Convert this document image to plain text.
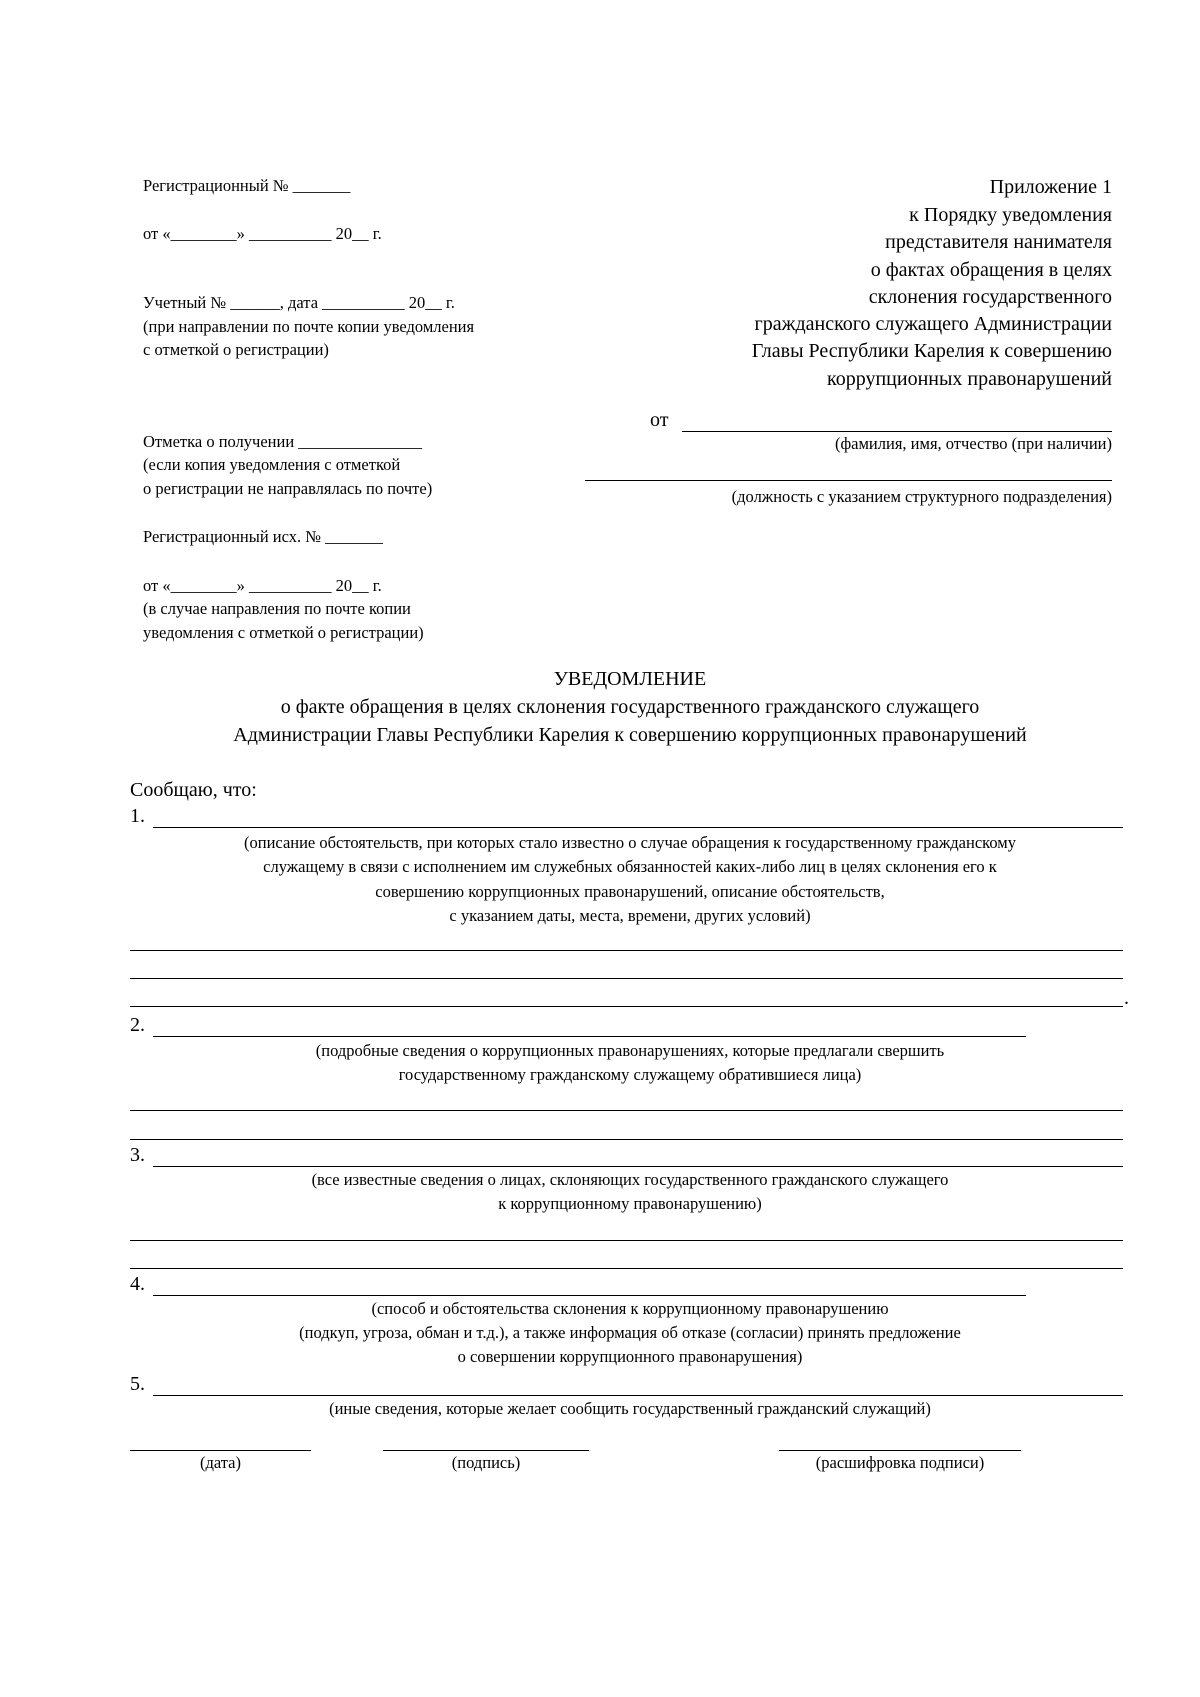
Регистрационный № _______
от «________» __________ 20__ г.
Учетный № ______, дата __________ 20__ г.
(при направлении по почте копии уведомления
с отметкой о регистрации)
Отметка о получении _______________
(если копия уведомления с отметкой
о регистрации не направлялась по почте)
Регистрационный исх. № _______
от «________» __________ 20__ г.
(в случае направления по почте копии
уведомления с отметкой о регистрации)
Приложение 1
к Порядку уведомления
представителя нанимателя
о фактах обращения в целях
склонения государственного
гражданского служащего Администрации
Главы Республики Карелия к совершению
коррупционных правонарушений
от
(фамилия, имя, отчество (при наличии)
(должность с указанием структурного подразделения)
УВЕДОМЛЕНИЕ
о факте обращения в целях склонения государственного гражданского служащего
Администрации Главы Республики Карелия к совершению коррупционных правонарушений
Сообщаю, что:
1.
(описание обстоятельств, при которых стало известно о случае обращения к государственному гражданскому
служащему в связи с исполнением им служебных обязанностей каких-либо лиц в целях склонения его к
совершению коррупционных правонарушений, описание обстоятельств,
с указанием даты, места, времени, других условий)
.
2.
(подробные сведения о коррупционных правонарушениях, которые предлагали свершить
государственному гражданскому служащему обратившиеся лица)
3.
(все известные сведения о лицах, склоняющих государственного гражданского служащего
к коррупционному правонарушению)
4.
(способ и обстоятельства склонения к коррупционному правонарушению
(подкуп, угроза, обман и т.д.), а также информация об отказе (согласии) принять предложение
о совершении коррупционного правонарушения)
5.
(иные сведения, которые желает сообщить государственный гражданский служащий)
(дата)	(подпись)	(расшифровка подписи)
